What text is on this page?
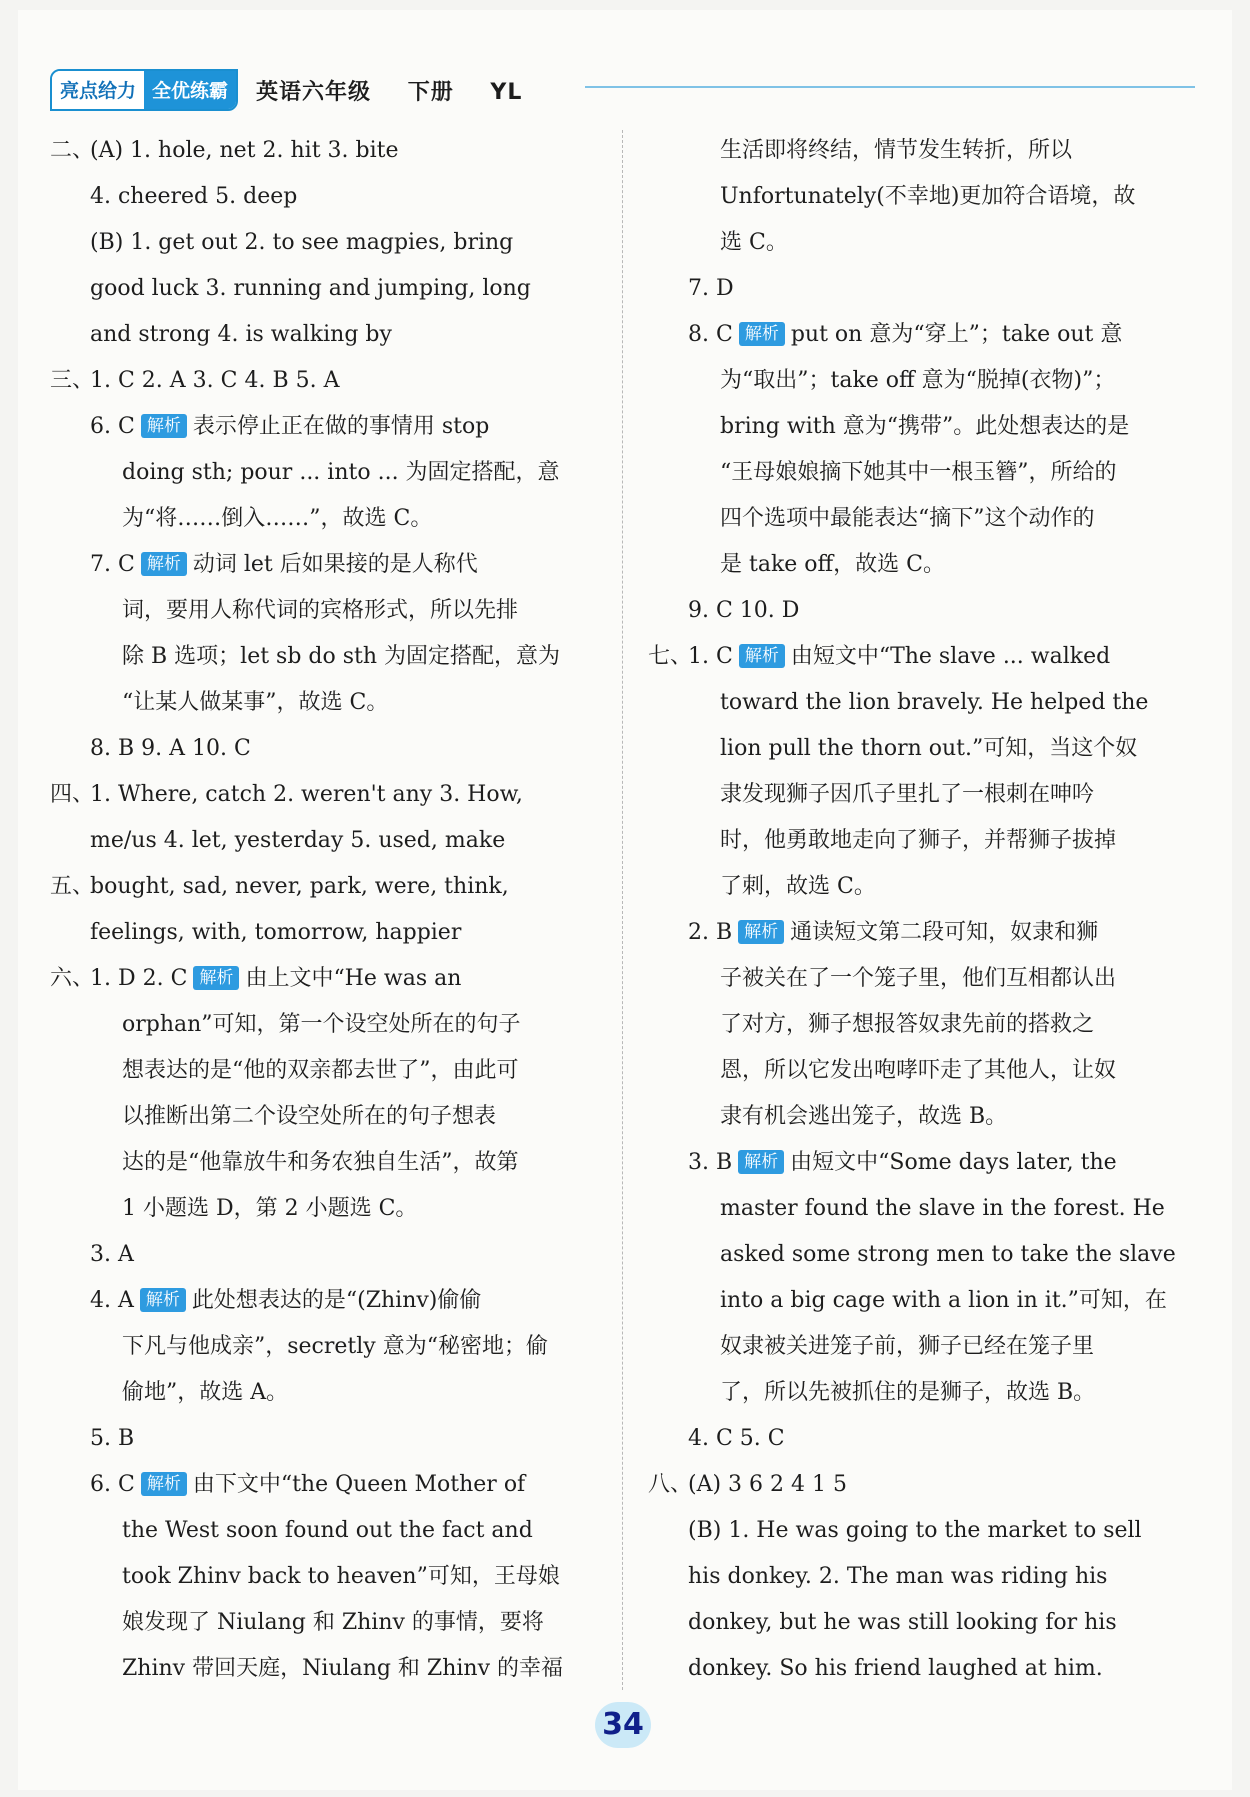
亮点给力 全优练霸	英语六年级 下册 YL
二、
(A) 1. hole, net 2. hit 3. bite
4. cheered 5. deep
(B) 1. get out 2. to see magpies, bring
good luck 3. running and jumping, long
and strong 4. is walking by
三、
1. C 2. A 3. C 4. B 5. A
6. C 解析 表示停止正在做的事情用 stop
doing sth; pour ... into ... 为固定搭配，意
为“将……倒入……”，故选 C。
7. C 解析 动词 let 后如果接的是人称代
词，要用人称代词的宾格形式，所以先排
除 B 选项；let sb do sth 为固定搭配，意为
“让某人做某事”，故选 C。
8. B 9. A 10. C
四、
1. Where, catch 2. weren't any 3. How,
me/us 4. let, yesterday 5. used, make
五、
bought, sad, never, park, were, think,
feelings, with, tomorrow, happier
六、
1. D 2. C 解析 由上文中“He was an
orphan”可知，第一个设空处所在的句子
想表达的是“他的双亲都去世了”，由此可
以推断出第二个设空处所在的句子想表
达的是“他靠放牛和务农独自生活”，故第
1 小题选 D，第 2 小题选 C。
3. A
4. A 解析 此处想表达的是“(Zhinv)偷偷
下凡与他成亲”，secretly 意为“秘密地；偷
偷地”，故选 A。
5. B
6. C 解析 由下文中“the Queen Mother of
the West soon found out the fact and
took Zhinv back to heaven”可知，王母娘
娘发现了 Niulang 和 Zhinv 的事情，要将
Zhinv 带回天庭，Niulang 和 Zhinv 的幸福
生活即将终结，情节发生转折，所以
Unfortunately(不幸地)更加符合语境，故
选 C。
7. D
8. C 解析 put on 意为“穿上”；take out 意
为“取出”；take off 意为“脱掉(衣物)”；
bring with 意为“携带”。此处想表达的是
“王母娘娘摘下她其中一根玉簪”，所给的
四个选项中最能表达“摘下”这个动作的
是 take off，故选 C。
9. C 10. D
七、
1. C 解析 由短文中“The slave ... walked
toward the lion bravely. He helped the
lion pull the thorn out.”可知，当这个奴
隶发现狮子因爪子里扎了一根刺在呻吟
时，他勇敢地走向了狮子，并帮狮子拔掉
了刺，故选 C。
2. B 解析 通读短文第二段可知，奴隶和狮
子被关在了一个笼子里，他们互相都认出
了对方，狮子想报答奴隶先前的搭救之
恩，所以它发出咆哮吓走了其他人，让奴
隶有机会逃出笼子，故选 B。
3. B 解析 由短文中“Some days later, the
master found the slave in the forest. He
asked some strong men to take the slave
into a big cage with a lion in it.”可知，在
奴隶被关进笼子前，狮子已经在笼子里
了，所以先被抓住的是狮子，故选 B。
4. C 5. C
八、
(A) 3 6 2 4 1 5
(B) 1. He was going to the market to sell
his donkey. 2. The man was riding his
donkey, but he was still looking for his
donkey. So his friend laughed at him.
34
